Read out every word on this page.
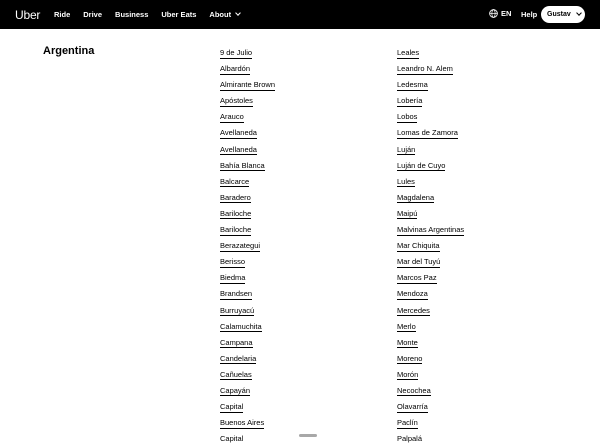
Uber Ride Drive Business Uber Eats About	EN Help Gustav
Argentina	9 de Julio
Albardón
Almirante Brown
Apóstoles
Arauco
Avellaneda
Avellaneda
Bahía Blanca
Balcarce
Baradero
Bariloche
Bariloche
Berazategui
Berisso
Biedma
Brandsen
Burruyacú
Calamuchita
Campana
Candelaria
Cañuelas
Capayán
Capital
Buenos Aires
Capital
Leales
Leandro N. Alem
Ledesma
Lobería
Lobos
Lomas de Zamora
Luján
Luján de Cuyo
Lules
Magdalena
Maipú
Malvinas Argentinas
Mar Chiquita
Mar del Tuyú
Marcos Paz
Mendoza
Mercedes
Merlo
Monte
Moreno
Morón
Necochea
Olavarría
Paclín
Palpalá
